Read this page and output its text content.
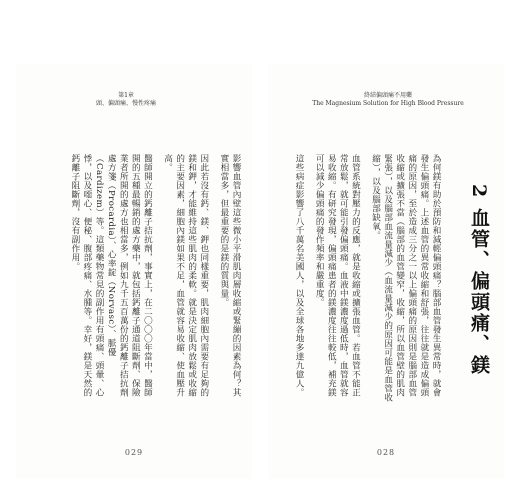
第1章
頭、偏頭痛、慢性疼痛

影響血管內壁這些微小平滑肌肉層收縮或緊繃的因素為何？其實相當多，但最重要的是鎂的質與量。

因此若沒有鈣、鎂、鉀也同樣重要，肌肉細胞內需要有足夠的鎂和鉀，才能維持這些肌肉的柔軟。就是決定肌肉放鬆或收縮的主要因素，細胞內鎂如果不足，血管就容易收縮、使血壓升高。

醫師開立的鈣離子拮抗劑，事實上，在二〇〇〇年當中，醫師開的五種最暢銷的處方藥中，就包括鈣離子通道阻斷劑、保險業者所開的處方也相當多，例如九千五百萬份的鈣離子拮抗劑處方箋（Procardia）、心率錠（Norvasc）、脈優（Cardizem）等。這類藥物常見的副作用有頭痛、頭暈、心悸，以及噁心、便秘、腹部疼痛、水腫等。幸好，鎂是天然的鈣離子阻斷劑，沒有副作用。

029
終結偏頭痛不用藥
The Magnesium Solution for High Blood Pressure
2 血管、偏頭痛、鎂

為何鎂有助於預防和減輕偏頭痛？腦部血管發生異常時，就會發生偏頭痛。上述血管的異常收縮和舒張，往往就是造成偏頭痛的原因，至於造成三分之一以上偏頭痛的原因則是腦部血管收縮或擴張不當（腦部的血管變窄，收縮，所以血管壁的肌肉緊張），以及腦部血流量減少（血流量減少的原因可能是血管收縮），以及腦部缺氧。

血管系統對壓力的反應，就是收縮或擴張血管。若血管不能正常放鬆，就可能引發偏頭痛。血液中鎂濃度過低時，血管就容易收縮。有研究發現，偏頭痛患者的鎂濃度往往較低，補充鎂可以減少偏頭痛的發作頻率和嚴重度。

這些病症影響了八千萬名美國人，以及全球各地多達九億人。

028
